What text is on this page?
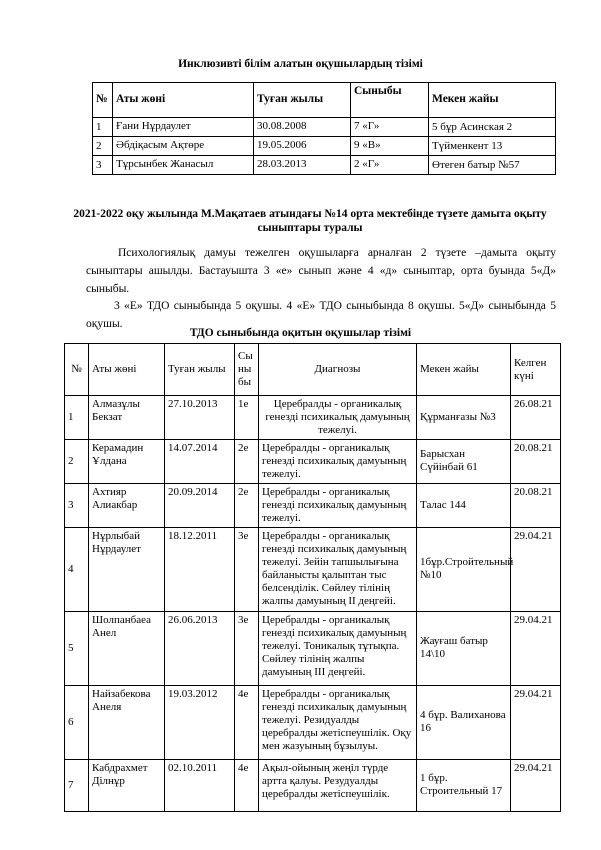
Инклюзивті білім алатын оқушылардың тізімі
№	Аты жөні	Туған жылы	Сыныбы	Мекен жайы
1	Ғани Нұрдаулет	30.08.2008	7 «Г»	5 бұр Асинская 2
2	Әбдіқасым Ақтөре	19.05.2006	9 «В»	Түйменкент 13
3	Тұрсынбек Жанасыл	28.03.2013	2 «Г»	Өтеген батыр №57
2021-2022 оқу жылында М.Мақатаев атындағы №14 орта мектебінде түзете дамыта оқыту сыныптары туралы
Психологиялық дамуы тежелген оқушыларға арналған 2 түзете –дамыта оқыту сыныптары ашылды. Бастауышта 3 «е» сынып және 4 «д» сыныптар, орта буында 5«Д» сыныбы.
3 «Е» ТДО сыныбында 5 оқушы. 4 «Е» ТДО сыныбында 8 оқушы. 5«Д» сыныбында 5 оқушы.
ТДО сыныбында оқитын оқушылар тізімі
№	Аты жөні	Туған жылы	Сыныбы	Диагнозы	Мекен жайы	Келген күні
1	Алмазұлы Бекзат	27.10.2013	1е	Церебралды - органикалық генезді психикалық дамуының тежелуі.	Құрманғазы №3	26.08.21
2	Керамадин Ұлдана	14.07.2014	2е	Церебралды - органикалық генезді психикалық дамуының тежелуі.	Барысхан Сүйінбай 61	20.08.21
3	Ахтияр Алиакбар	20.09.2014	2е	Церебралды - органикалық генезді психикалық дамуының тежелуі.	Талас 144	20.08.21
4	Нұрлыбай Нұрдаулет	18.12.2011	3е	Церебралды - органикалық генезді психикалық дамуының тежелуі. Зейін тапшылығына байланысты қалыптан тыс белсенділік. Сөйлеу тілінің жалпы дамуының ІІ деңгейі.	1бұр.Стройтельный №10	29.04.21
5	Шолпанбаеа Анел	26.06.2013	3е	Церебралды - органикалық генезді психикалық дамуының тежелуі. Тоникалық тұтықпа. Сөйлеу тілінің жалпы дамуының ІІІ деңгейі.	Жауғаш батыр 14\10	29.04.21
6	Найзабекова Анеля	19.03.2012	4е	Церебралды - органикалық генезді психикалық дамуының тежелуі. Резидуалды церебралды жетіспеушілік. Оқу мен жазуының бұзылуы.	4 бұр. Валиханова 16	29.04.21
7	Кабдрахмет Ділнұр	02.10.2011	4е	Ақыл-ойының жеңіл түрде артта қалуы. Резудуалды церебралды жетіспеушілік.	1 бұр. Строительный 17	29.04.21
